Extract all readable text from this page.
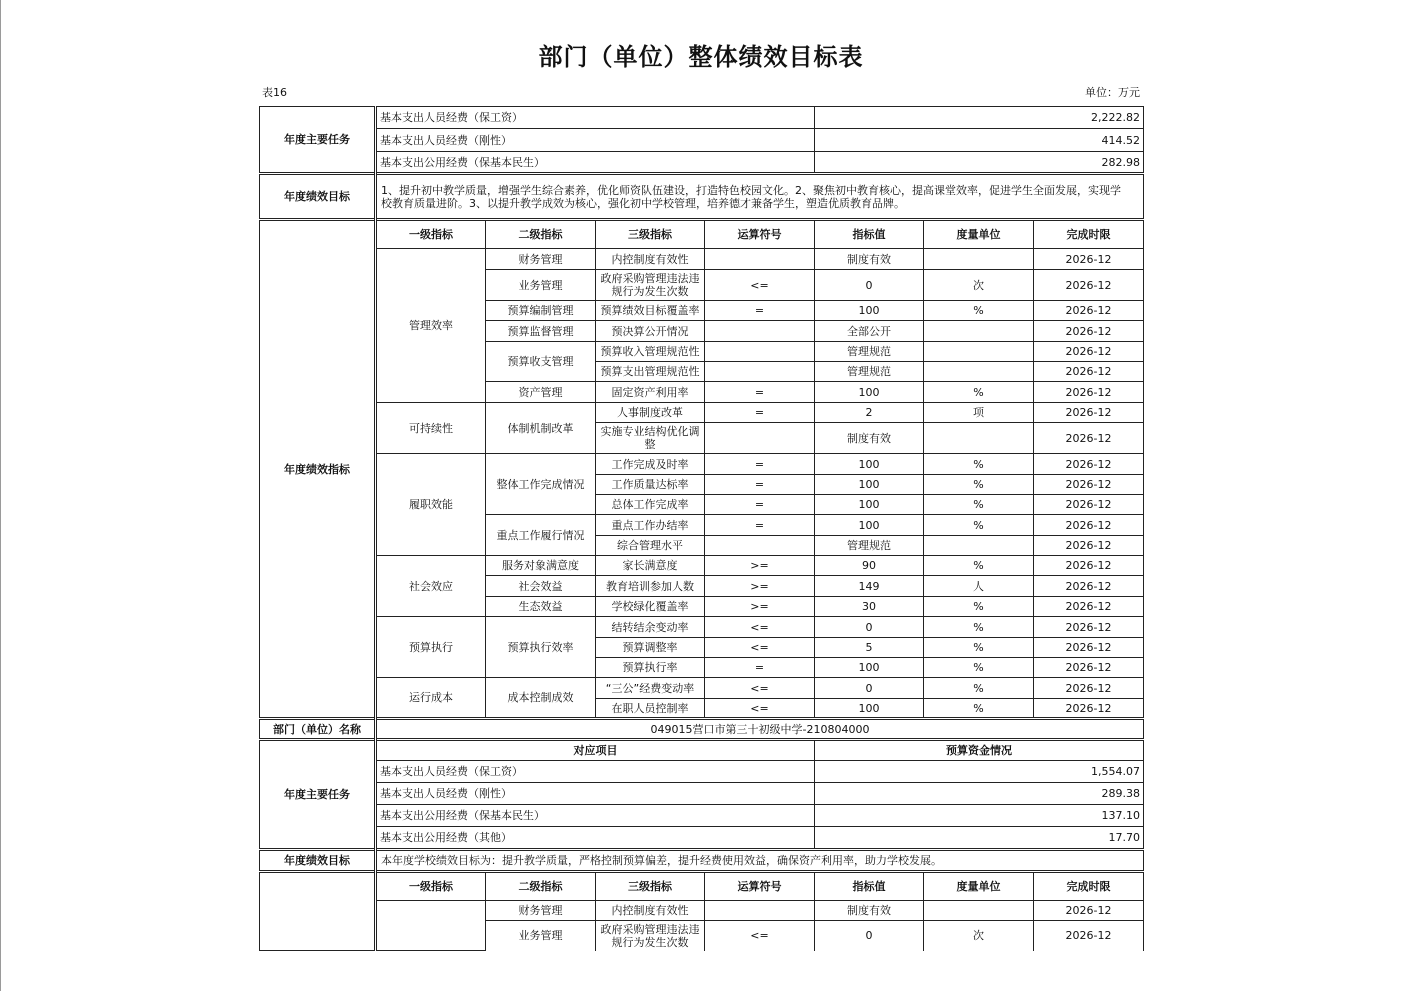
部门（单位）整体绩效目标表
表16	单位：万元
年度主要任务	基本支出人员经费（保工资）				2,222.82		
	基本支出人员经费（刚性）				414.52		
	基本支出公用经费（保基本民生）				282.98		
年度绩效目标	1、提升初中教学质量，增强学生综合素养，优化师资队伍建设，打造特色校园文化。2、聚焦初中教育核心，提高课堂效率，促进学生全面发展，实现学校教育质量进阶。3、以提升教学成效为核心，强化初中学校管理，培养德才兼备学生，塑造优质教育品牌。						
年度绩效指标	一级指标	二级指标	三级指标	运算符号	指标值	度量单位	完成时限
	管理效率	财务管理	内控制度有效性		制度有效		2026-12
		业务管理	政府采购管理违法违规行为发生次数	<=	0	次	2026-12
		预算编制管理	预算绩效目标覆盖率	=	100	%	2026-12
		预算监督管理	预决算公开情况		全部公开		2026-12
		预算收支管理	预算收入管理规范性		管理规范		2026-12
			预算支出管理规范性		管理规范		2026-12
		资产管理	固定资产利用率	=	100	%	2026-12
	可持续性	体制机制改革	人事制度改革	=	2	项	2026-12
			实施专业结构优化调整		制度有效		2026-12
	履职效能	整体工作完成情况	工作完成及时率	=	100	%	2026-12
			工作质量达标率	=	100	%	2026-12
			总体工作完成率	=	100	%	2026-12
		重点工作履行情况	重点工作办结率	=	100	%	2026-12
			综合管理水平		管理规范		2026-12
	社会效应	服务对象满意度	家长满意度	>=	90	%	2026-12
		社会效益	教育培训参加人数	>=	149	人	2026-12
		生态效益	学校绿化覆盖率	>=	30	%	2026-12
	预算执行	预算执行效率	结转结余变动率	<=	0	%	2026-12
			预算调整率	<=	5	%	2026-12
			预算执行率	=	100	%	2026-12
	运行成本	成本控制成效	“三公”经费变动率	<=	0	%	2026-12
			在职人员控制率	<=	100	%	2026-12
部门（单位）名称	049015营口市第三十初级中学-210804000						
年度主要任务	对应项目				预算资金情况		
	基本支出人员经费（保工资）				1,554.07		
	基本支出人员经费（刚性）				289.38		
	基本支出公用经费（保基本民生）				137.10		
	基本支出公用经费（其他）				17.70		
年度绩效目标	本年度学校绩效目标为：提升教学质量，严格控制预算偏差，提升经费使用效益，确保资产利用率，助力学校发展。						
	一级指标	二级指标	三级指标	运算符号	指标值	度量单位	完成时限
		财务管理	内控制度有效性		制度有效		2026-12
		业务管理	政府采购管理违法违规行为发生次数	<=	0	次	2026-12
